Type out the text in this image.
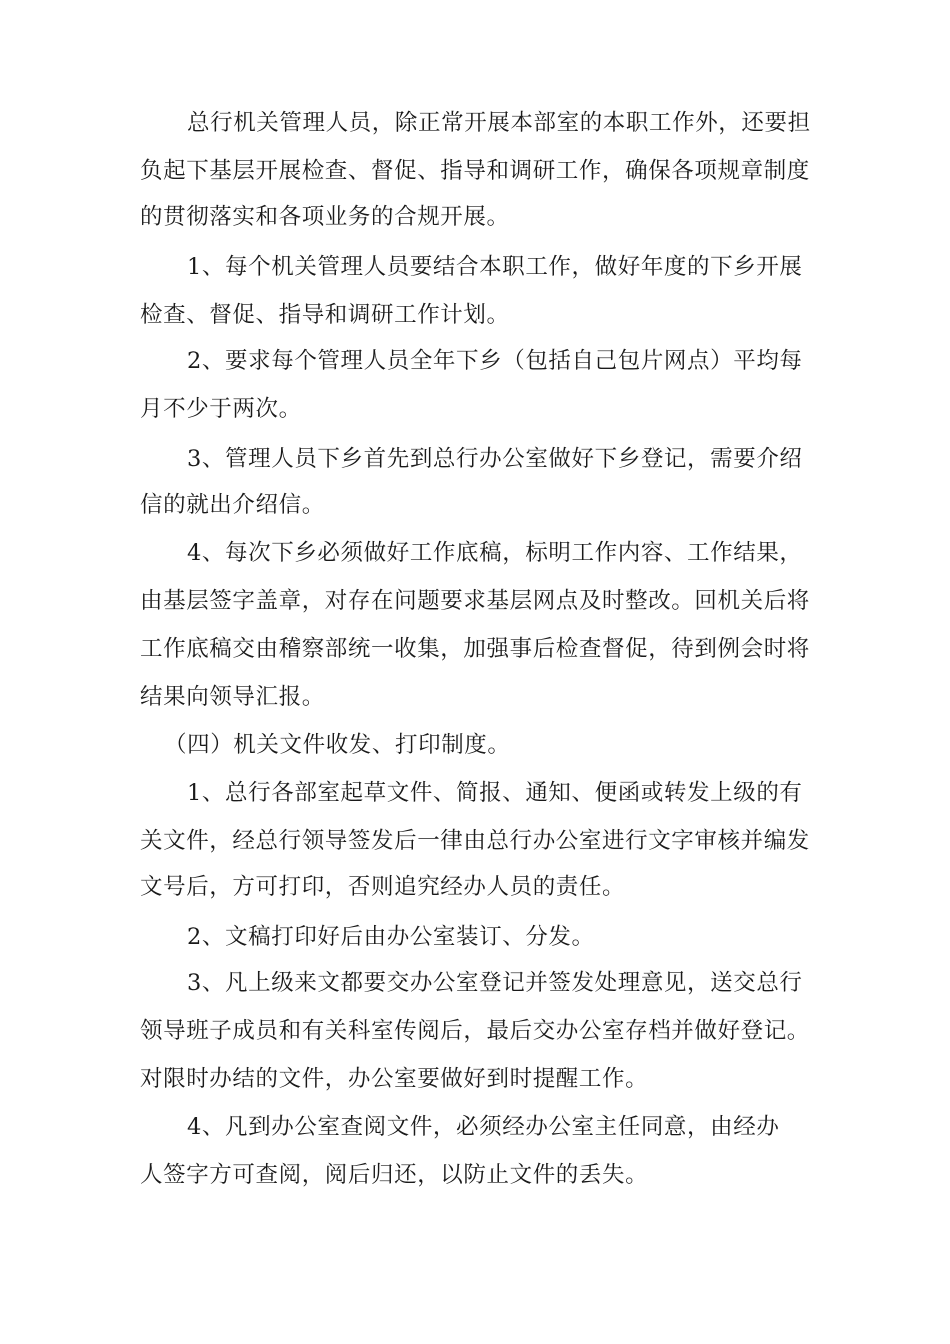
总行机关管理人员，除正常开展本部室的本职工作外，还要担

负起下基层开展检查、督促、指导和调研工作，确保各项规章制度

的贯彻落实和各项业务的合规开展。

1、每个机关管理人员要结合本职工作，做好年度的下乡开展

检查、督促、指导和调研工作计划。

2、要求每个管理人员全年下乡（包括自己包片网点）平均每

月不少于两次。

3、管理人员下乡首先到总行办公室做好下乡登记，需要介绍

信的就出介绍信。

4、每次下乡必须做好工作底稿，标明工作内容、工作结果，

由基层签字盖章，对存在问题要求基层网点及时整改。回机关后将

工作底稿交由稽察部统一收集，加强事后检查督促，待到例会时将

结果向领导汇报。

（四）机关文件收发、打印制度。

1、总行各部室起草文件、简报、通知、便函或转发上级的有

关文件，经总行领导签发后一律由总行办公室进行文字审核并编发

文号后，方可打印，否则追究经办人员的责任。

2、文稿打印好后由办公室装订、分发。

3、凡上级来文都要交办公室登记并签发处理意见，送交总行

领导班子成员和有关科室传阅后，最后交办公室存档并做好登记。

对限时办结的文件，办公室要做好到时提醒工作。

4、凡到办公室查阅文件，必须经办公室主任同意，由经办

人签字方可查阅，阅后归还，以防止文件的丢失。
